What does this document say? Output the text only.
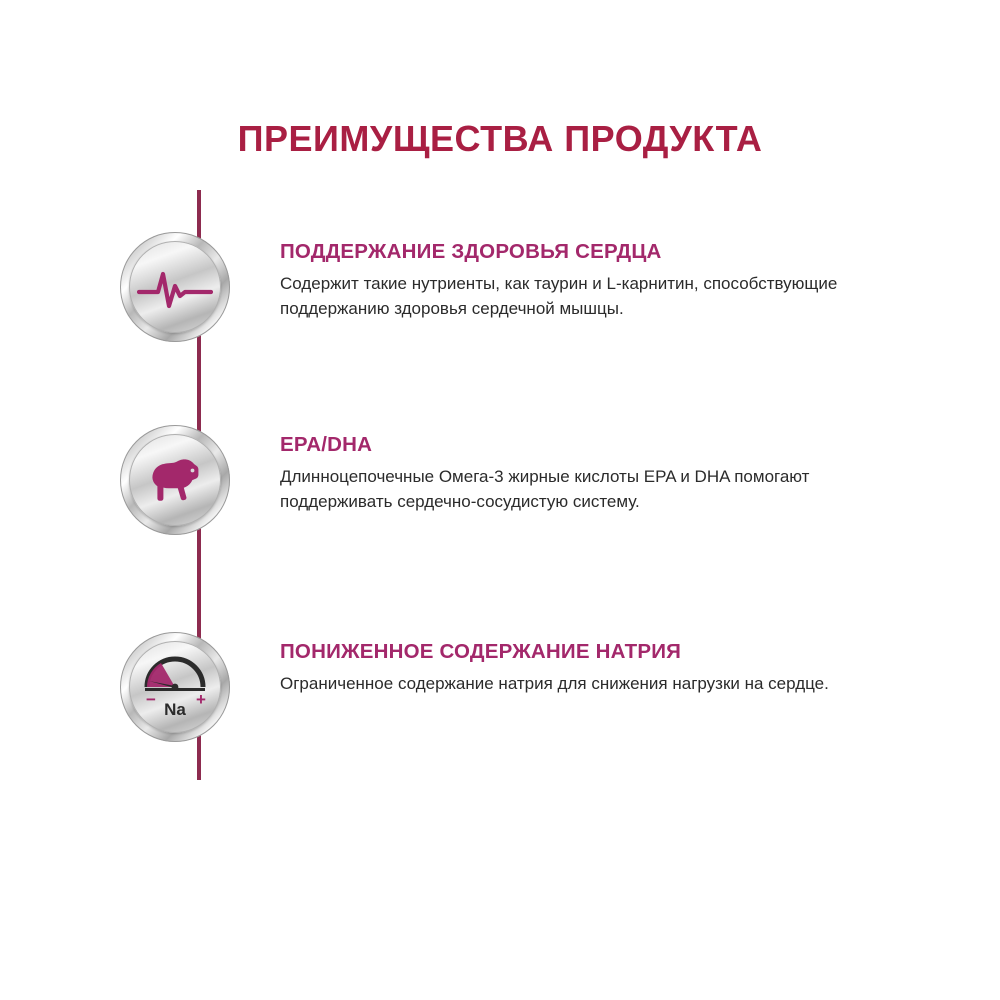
ПРЕИМУЩЕСТВА ПРОДУКТА

ПОДДЕРЖАНИЕ ЗДОРОВЬЯ СЕРДЦА

Содержит такие нутриенты, как таурин и L-карнитин, способствующие поддержанию здоровья сердечной мышцы.

EPA/DHA

Длинноцепочечные Омега-3 жирные кислоты EPA и DHA помогают поддерживать сердечно-сосудистую систему.

− +
Na

ПОНИЖЕННОЕ СОДЕРЖАНИЕ НАТРИЯ

Ограниченное содержание натрия для снижения нагрузки на сердце.
